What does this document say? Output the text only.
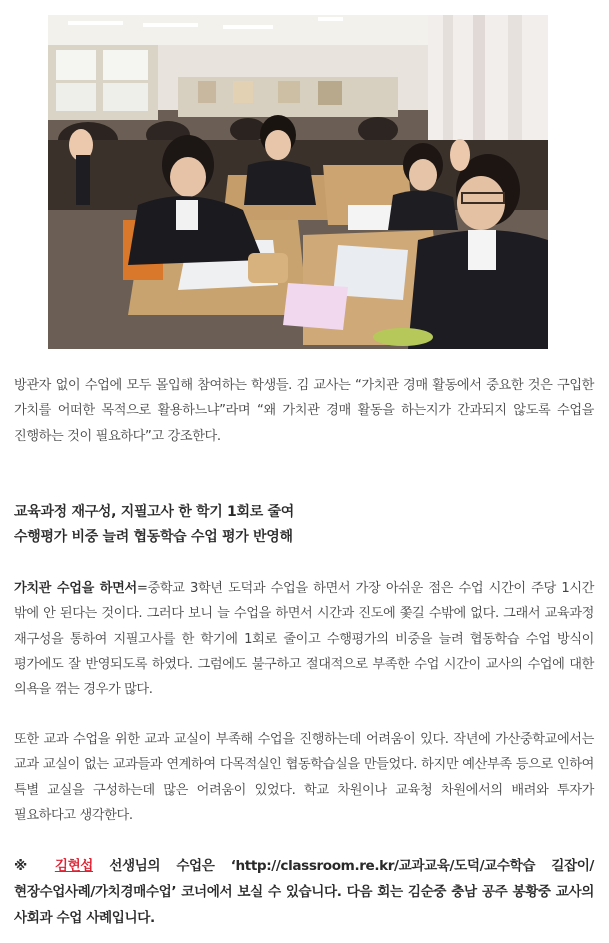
방관자 없이 수업에 모두 몰입해 참여하는 학생들. 김 교사는 “가치관 경매 활동에서 중요한 것은 구입한 가치를 어떠한 목적으로 활용하느냐”라며 “왜 가치관 경매 활동을 하는지가 간과되지 않도록 수업을 진행하는 것이 필요하다”고 강조한다.
교육과정 재구성, 지필고사 한 학기 1회로 줄여
수행평가 비중 늘려 협동학습 수업 평가 반영해
가치관 수업을 하면서=중학교 3학년 도덕과 수업을 하면서 가장 아쉬운 점은 수업 시간이 주당 1시간 밖에 안 된다는 것이다. 그러다 보니 늘 수업을 하면서 시간과 진도에 쫓길 수밖에 없다. 그래서 교육과정 재구성을 통하여 지필고사를 한 학기에 1회로 줄이고 수행평가의 비중을 늘려 협동학습 수업 방식이 평가에도 잘 반영되도록 하였다. 그럼에도 불구하고 절대적으로 부족한 수업 시간이 교사의 수업에 대한 의욕을 꺾는 경우가 많다.
또한 교과 수업을 위한 교과 교실이 부족해 수업을 진행하는데 어려움이 있다. 작년에 가산중학교에서는 교과 교실이 없는 교과들과 연계하여 다목적실인 협동학습실을 만들었다. 하지만 예산부족 등으로 인하여 특별 교실을 구성하는데 많은 어려움이 있었다. 학교 차원이나 교육청 차원에서의 배려와 투자가 필요하다고 생각한다.
※ 김현섭 선생님의 수업은 ‘http://classroom.re.kr/교과교육/도덕/교수학습 길잡이/현장수업사례/가치경매수업’ 코너에서 보실 수 있습니다. 다음 회는 김순중 충남 공주 봉황중 교사의 사회과 수업 사례입니다.
